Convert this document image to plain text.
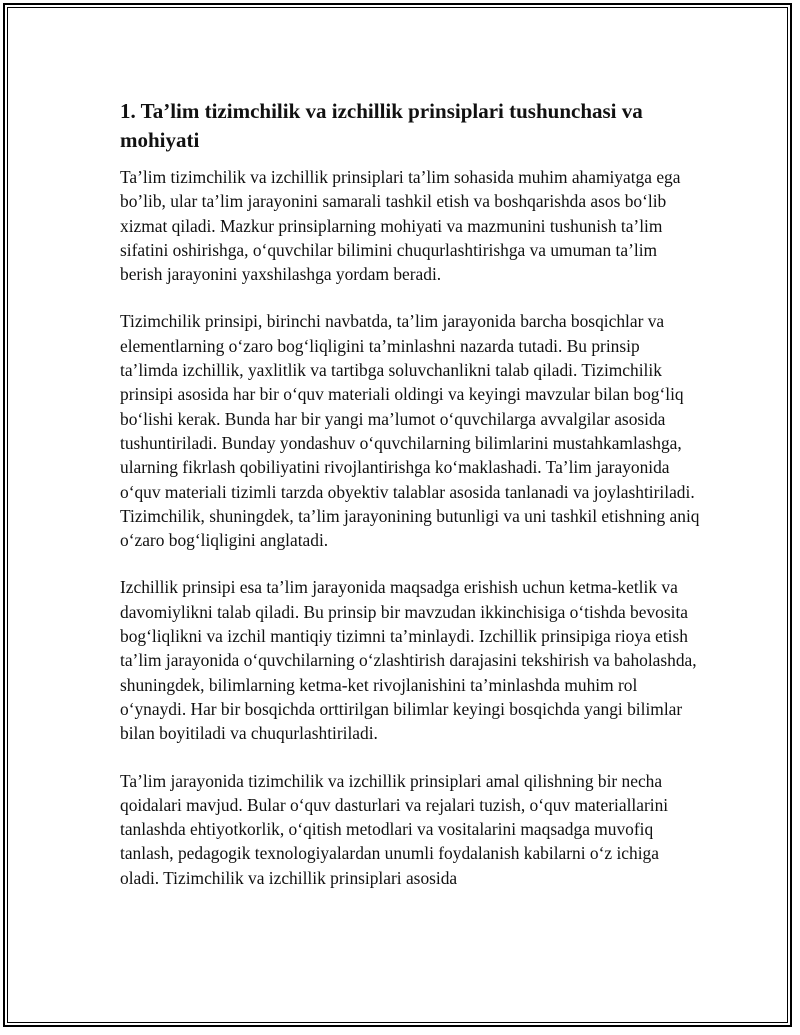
1. Ta’lim tizimchilik va izchillik prinsiplari tushunchasi va mohiyati

Ta’lim tizimchilik va izchillik prinsiplari ta’lim sohasida muhim ahamiyatga ega bo’lib, ular ta’lim jarayonini samarali tashkil etish va boshqarishda asos bo‘lib xizmat qiladi. Mazkur prinsiplarning mohiyati va mazmunini tushunish ta’lim sifatini oshirishga, o‘quvchilar bilimini chuqurlashtirishga va umuman ta’lim berish jarayonini yaxshilashga yordam beradi.

Tizimchilik prinsipi, birinchi navbatda, ta’lim jarayonida barcha bosqichlar va elementlarning o‘zaro bog‘liqligini ta’minlashni nazarda tutadi. Bu prinsip ta’limda izchillik, yaxlitlik va tartibga soluvchanlikni talab qiladi. Tizimchilik prinsipi asosida har bir o‘quv materiali oldingi va keyingi mavzular bilan bog‘liq bo‘lishi kerak. Bunda har bir yangi ma’lumot o‘quvchilarga avvalgilar asosida tushuntiriladi. Bunday yondashuv o‘quvchilarning bilimlarini mustahkamlashga, ularning fikrlash qobiliyatini rivojlantirishga ko‘maklashadi. Ta’lim jarayonida o‘quv materiali tizimli tarzda obyektiv talablar asosida tanlanadi va joylashtiriladi. Tizimchilik, shuningdek, ta’lim jarayonining butunligi va uni tashkil etishning aniq o‘zaro bog‘liqligini anglatadi.

Izchillik prinsipi esa ta’lim jarayonida maqsadga erishish uchun ketma-ketlik va davomiylikni talab qiladi. Bu prinsip bir mavzudan ikkinchisiga o‘tishda bevosita bog‘liqlikni va izchil mantiqiy tizimni ta’minlaydi. Izchillik prinsipiga rioya etish ta’lim jarayonida o‘quvchilarning o‘zlashtirish darajasini tekshirish va baholashda, shuningdek, bilimlarning ketma-ket rivojlanishini ta’minlashda muhim rol o‘ynaydi. Har bir bosqichda orttirilgan bilimlar keyingi bosqichda yangi bilimlar bilan boyitiladi va chuqurlashtiriladi.

Ta’lim jarayonida tizimchilik va izchillik prinsiplari amal qilishning bir necha qoidalari mavjud. Bular o‘quv dasturlari va rejalari tuzish, o‘quv materiallarini tanlashda ehtiyotkorlik, o‘qitish metodlari va vositalarini maqsadga muvofiq tanlash, pedagogik texnologiyalardan unumli foydalanish kabilarni o‘z ichiga oladi. Tizimchilik va izchillik prinsiplari asosida
